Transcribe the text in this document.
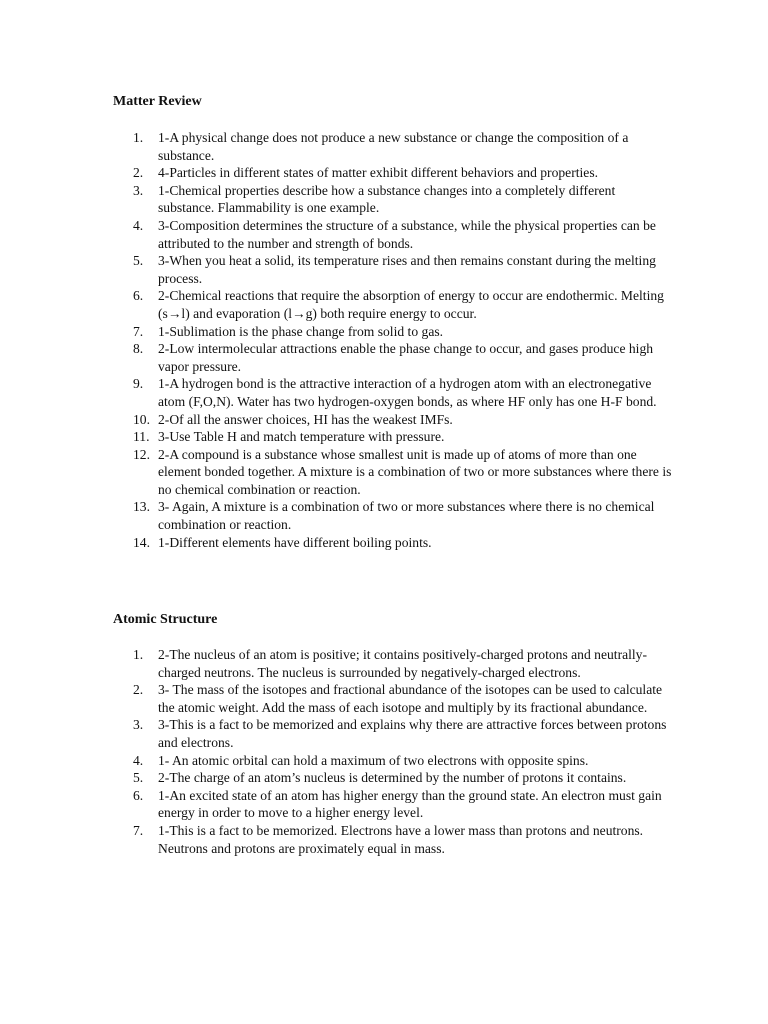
Matter Review
1.	1-A physical change does not produce a new substance or change the composition of a substance.
2.	4-Particles in different states of matter exhibit different behaviors and properties.
3.	1-Chemical properties describe how a substance changes into a completely different substance. Flammability is one example.
4.	3-Composition determines the structure of a substance, while the physical properties can be attributed to the number and strength of bonds.
5.	3-When you heat a solid, its temperature rises and then remains constant during the melting process.
6.	2-Chemical reactions that require the absorption of energy to occur are endothermic. Melting (s→l) and evaporation (l→g) both require energy to occur.
7.	1-Sublimation is the phase change from solid to gas.
8.	2-Low intermolecular attractions enable the phase change to occur, and gases produce high vapor pressure.
9.	1-A hydrogen bond is the attractive interaction of a hydrogen atom with an electronegative atom (F,O,N). Water has two hydrogen-oxygen bonds, as where HF only has one H-F bond.
10. 2-Of all the answer choices, HI has the weakest IMFs.
11. 3-Use Table H and match temperature with pressure.
12. 2-A compound is a substance whose smallest unit is made up of atoms of more than one element bonded together. A mixture is a combination of two or more substances where there is no chemical combination or reaction.
13. 3- Again, A mixture is a combination of two or more substances where there is no chemical combination or reaction.
14. 1-Different elements have different boiling points.
Atomic Structure
1.	2-The nucleus of an atom is positive; it contains positively-charged protons and neutrally-charged neutrons. The nucleus is surrounded by negatively-charged electrons.
2.	3- The mass of the isotopes and fractional abundance of the isotopes can be used to calculate the atomic weight. Add the mass of each isotope and multiply by its fractional abundance.
3.	3-This is a fact to be memorized and explains why there are attractive forces between protons and electrons.
4.	1- An atomic orbital can hold a maximum of two electrons with opposite spins.
5.	2-The charge of an atom’s nucleus is determined by the number of protons it contains.
6.	1-An excited state of an atom has higher energy than the ground state. An electron must gain energy in order to move to a higher energy level.
7.	1-This is a fact to be memorized. Electrons have a lower mass than protons and neutrons. Neutrons and protons are proximately equal in mass.
